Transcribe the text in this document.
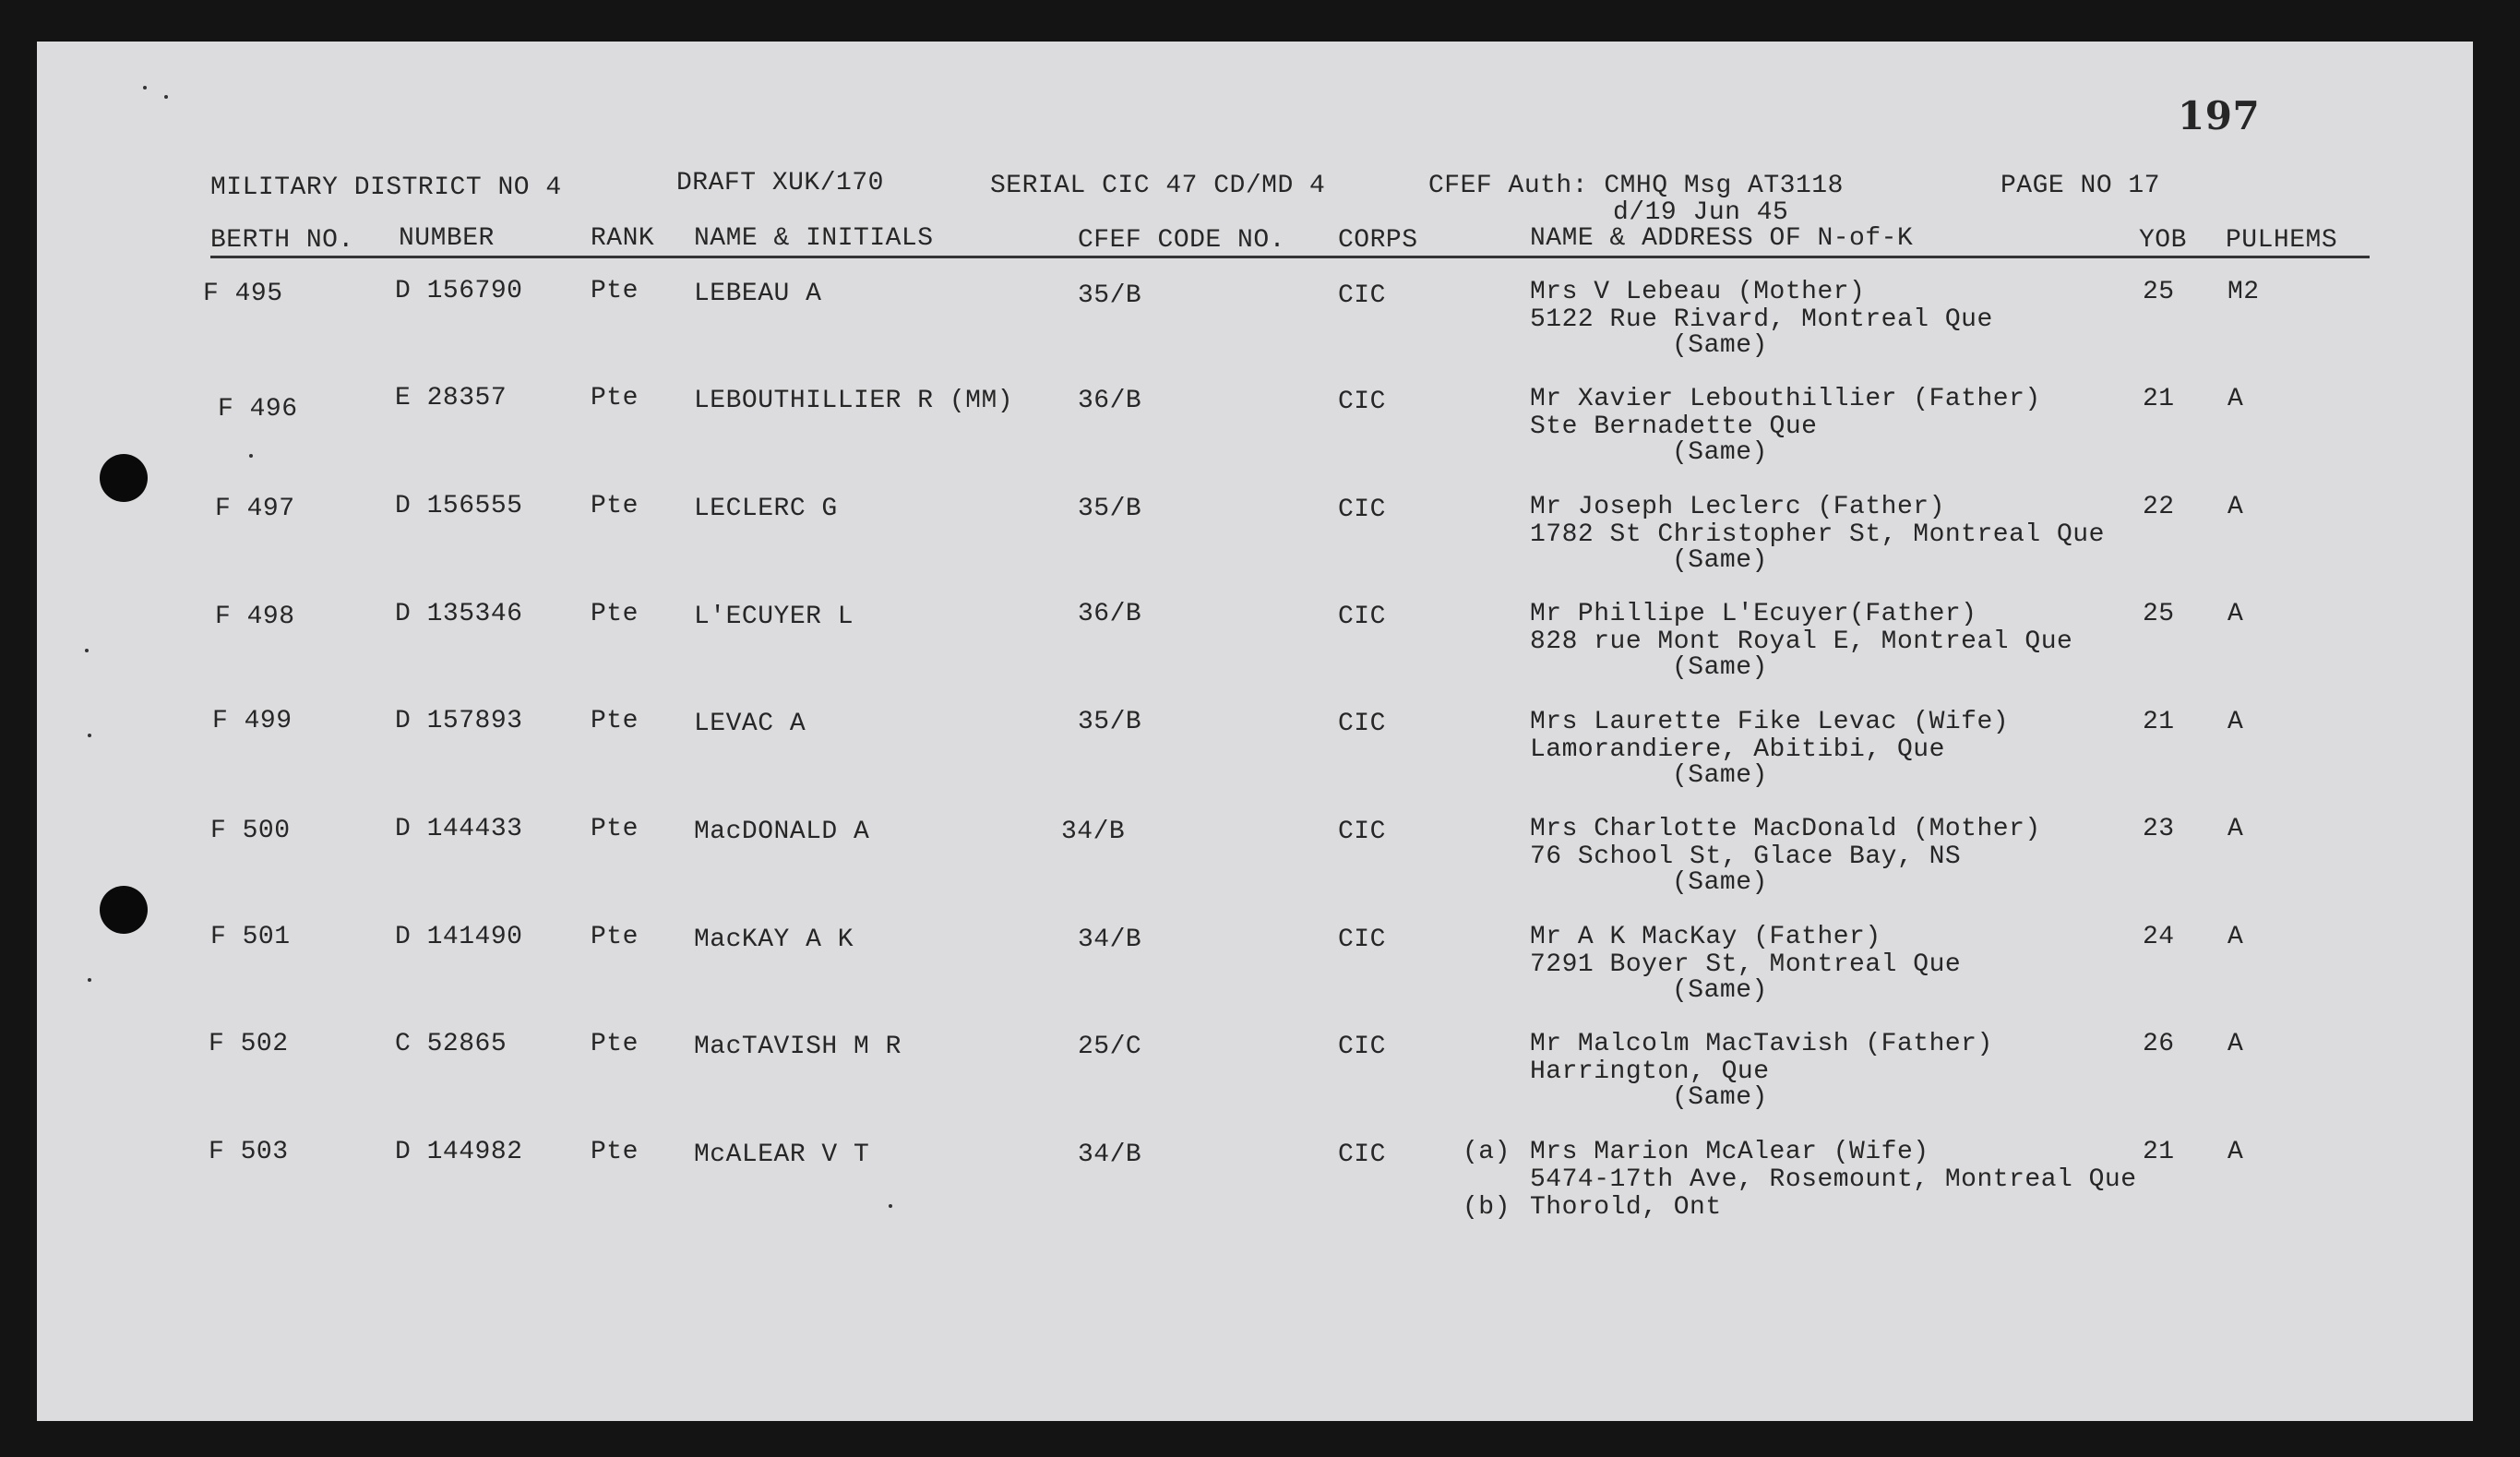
197
MILITARY DISTRICT NO 4	DRAFT XUK/170	SERIAL CIC 47 CD/MD 4	CFEF Auth: CMHQ Msg AT3118
d/19 Jun 45
PAGE NO 17
BERTH NO. NUMBER	RANK NAME & INITIALS	CFEF CODE NO. CORPS	NAME & ADDRESS OF N-of-K	YOB PULHEMS
F 495	D 156790	Pte LEBEAU A	35/B	CIC	Mrs V Lebeau (Mother)
5122 Rue Rivard, Montreal Que
(Same)
25 M2
F 496	E 28357	Pte LEBOUTHILLIER R (MM) 36/B	CIC	Mr Xavier Lebouthillier (Father)
Ste Bernadette Que
(Same)
21 A
F 497	D 156555	Pte LECLERC G	35/B	CIC	Mr Joseph Leclerc (Father)
1782 St Christopher St, Montreal Que
(Same)
22 A
F 498	D 135346	Pte L'ECUYER L	36/B	CIC	Mr Phillipe L'Ecuyer(Father)
828 rue Mont Royal E, Montreal Que
(Same)
25 A
F 499	D 157893	Pte LEVAC A	35/B	CIC	Mrs Laurette Fike Levac (Wife)
Lamorandiere, Abitibi, Que
(Same)
21 A
F 500	D 144433	Pte MacDONALD A	34/B	CIC	Mrs Charlotte MacDonald (Mother)
76 School St, Glace Bay, NS
(Same)
23 A
F 501	D 141490	Pte MacKAY A K	34/B	CIC	Mr A K MacKay (Father)
7291 Boyer St, Montreal Que
(Same)
24 A
F 502	C 52865	Pte MacTAVISH M R	25/C	CIC	Mr Malcolm MacTavish (Father)
Harrington, Que
(Same)
26 A
F 503	D 144982	Pte McALEAR V T	34/B	CIC	(a) Mrs Marion McAlear (Wife)
5474-17th Ave, Rosemount, Montreal Que
(b) Thorold, Ont
21 A
